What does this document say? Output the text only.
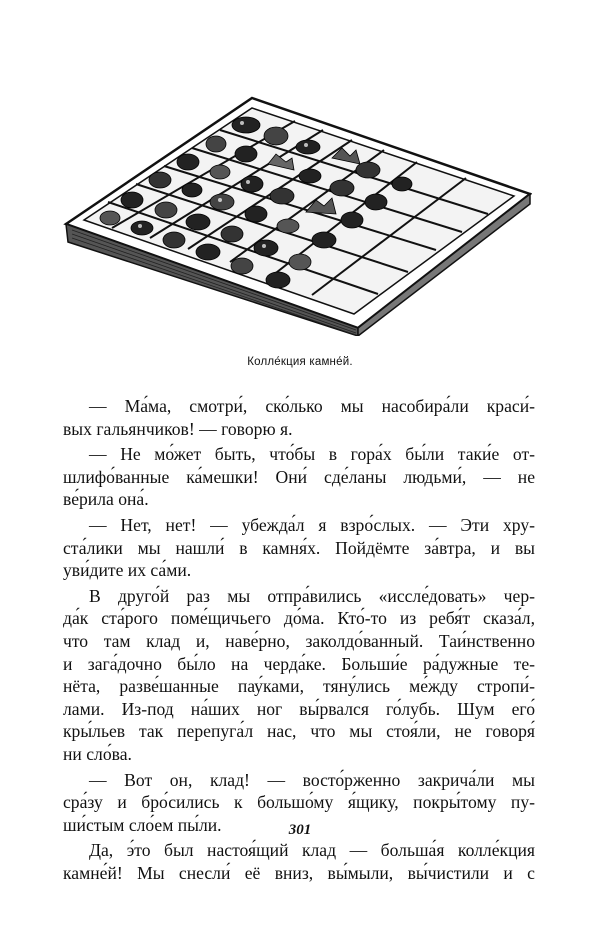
Колле́кция камне́й.
— Ма́ма, смотри́, ско́лько мы насобира́ли краси́-
вых гальянчиков! — говорю я.
— Не мо́жет быть, что́бы в гора́х бы́ли таки́е от-
шлифо́ванные ка́мешки! Они́ сде́ланы людьми́, — не
ве́рила она́.
— Нет, нет! — убежда́л я взро́слых. — Эти хру-
ста́лики мы нашли́ в камня́х. Пойдёмте за́втра, и вы
уви́дите их са́ми.
В друго́й раз мы отпра́вились «иссле́довать» чер-
да́к ста́рого поме́щичьего до́ма. Кто́-то из ребя́т сказа́л,
что там клад и, наве́рно, заколдо́ванный. Таи́нственно
и зага́дочно бы́ло на черда́ке. Больши́е ра́дужные те-
нёта, разве́шанные пау́ками, тяну́лись ме́жду стропи́-
лами. Из-под на́ших ног вы́рвался го́лубь. Шум его́
кры́льев так перепуга́л нас, что мы стоя́ли, не говоря́
ни сло́ва.
— Вот он, клад! — восто́рженно закрича́ли мы
сра́зу и бро́сились к большо́му я́щику, покры́тому пу-
ши́стым сло́ем пы́ли.
Да, э́то был настоя́щий клад — больша́я колле́кция
камне́й! Мы снесли́ её вниз, вы́мыли, вы́чистили и с
301
